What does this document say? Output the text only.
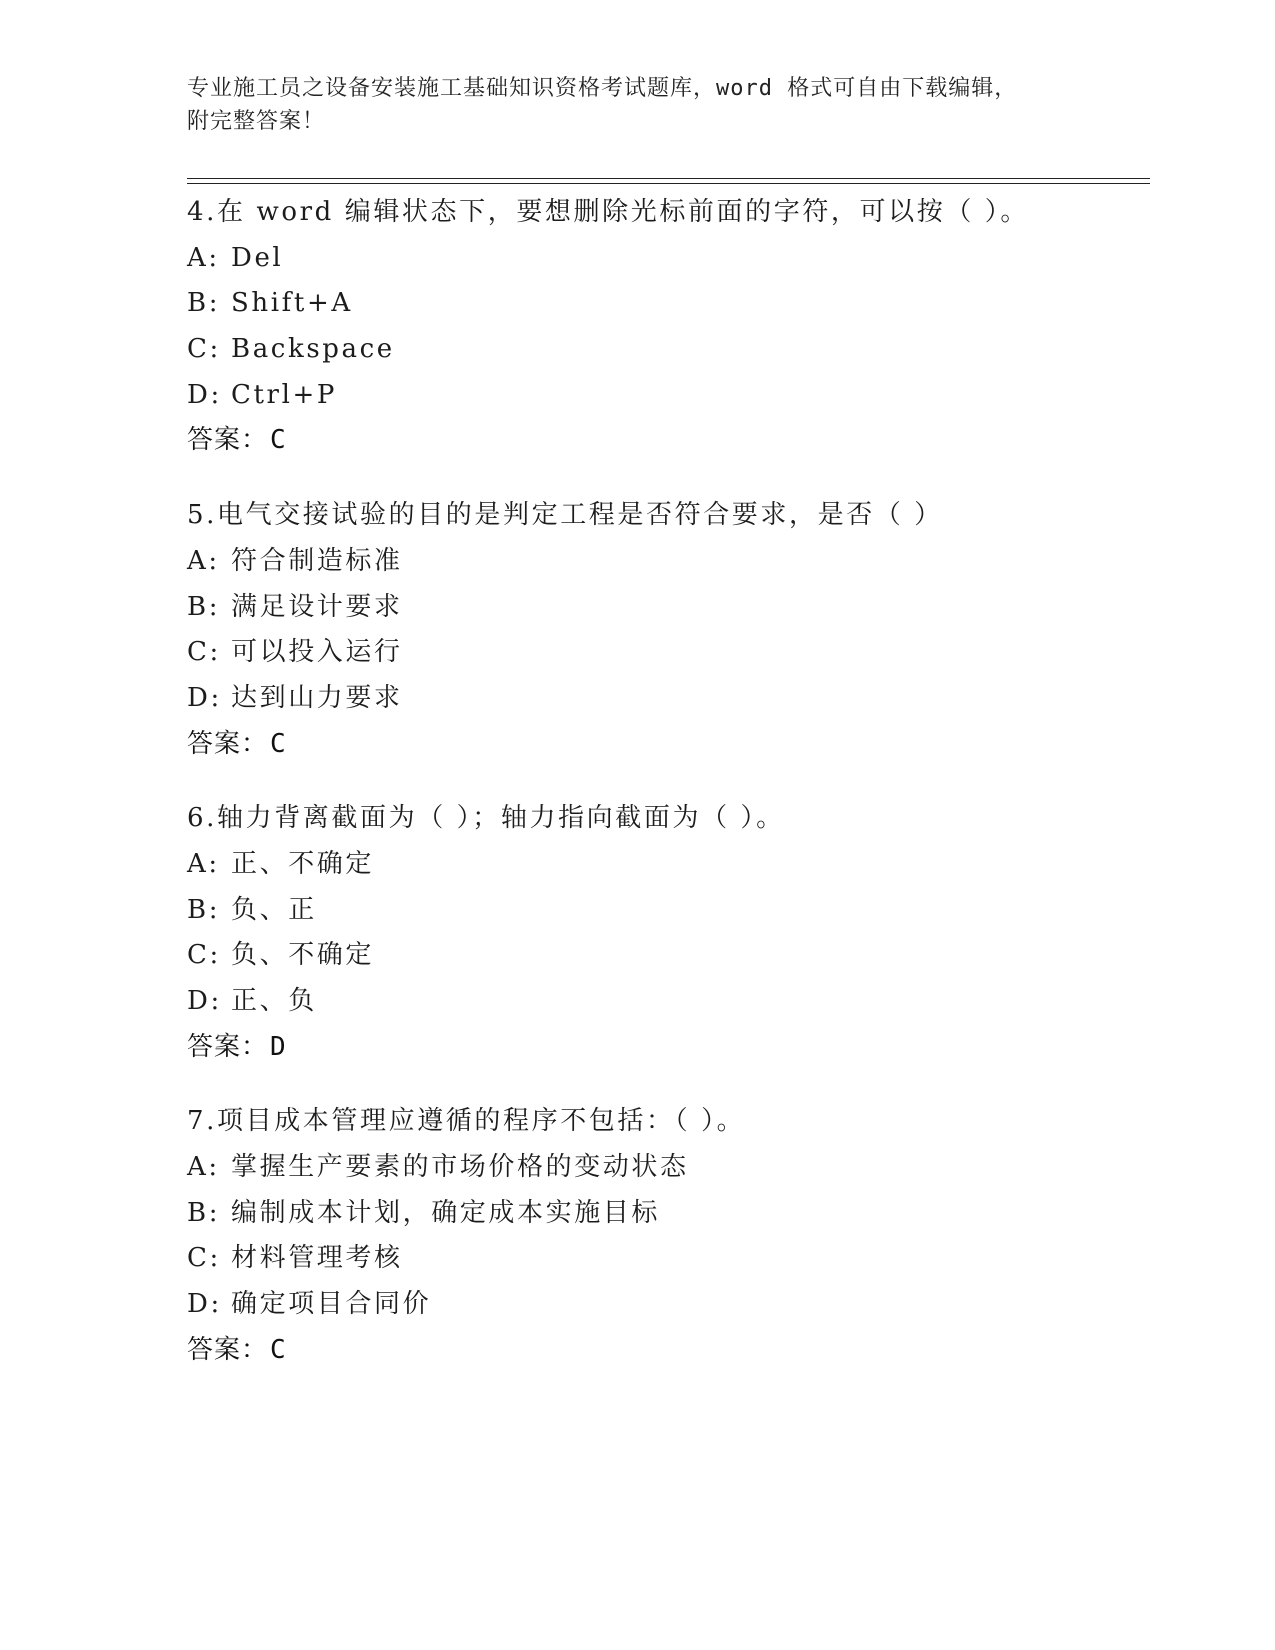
专业施工员之设备安装施工基础知识资格考试题库，word 格式可自由下载编辑，
附完整答案！
4.在 word 编辑状态下，要想删除光标前面的字符，可以按（ ）。
A: Del
B: Shift+A
C: Backspace
D: Ctrl+P
答案：C
5.电气交接试验的目的是判定工程是否符合要求，是否（ ）
A: 符合制造标准
B: 满足设计要求
C: 可以投入运行
D: 达到山力要求
答案：C
6.轴力背离截面为（ ）；轴力指向截面为（ ）。
A: 正、不确定
B: 负、正
C: 负、不确定
D: 正、负
答案：D
7.项目成本管理应遵循的程序不包括：（ ）。
A: 掌握生产要素的市场价格的变动状态
B: 编制成本计划，确定成本实施目标
C: 材料管理考核
D: 确定项目合同价
答案：C
